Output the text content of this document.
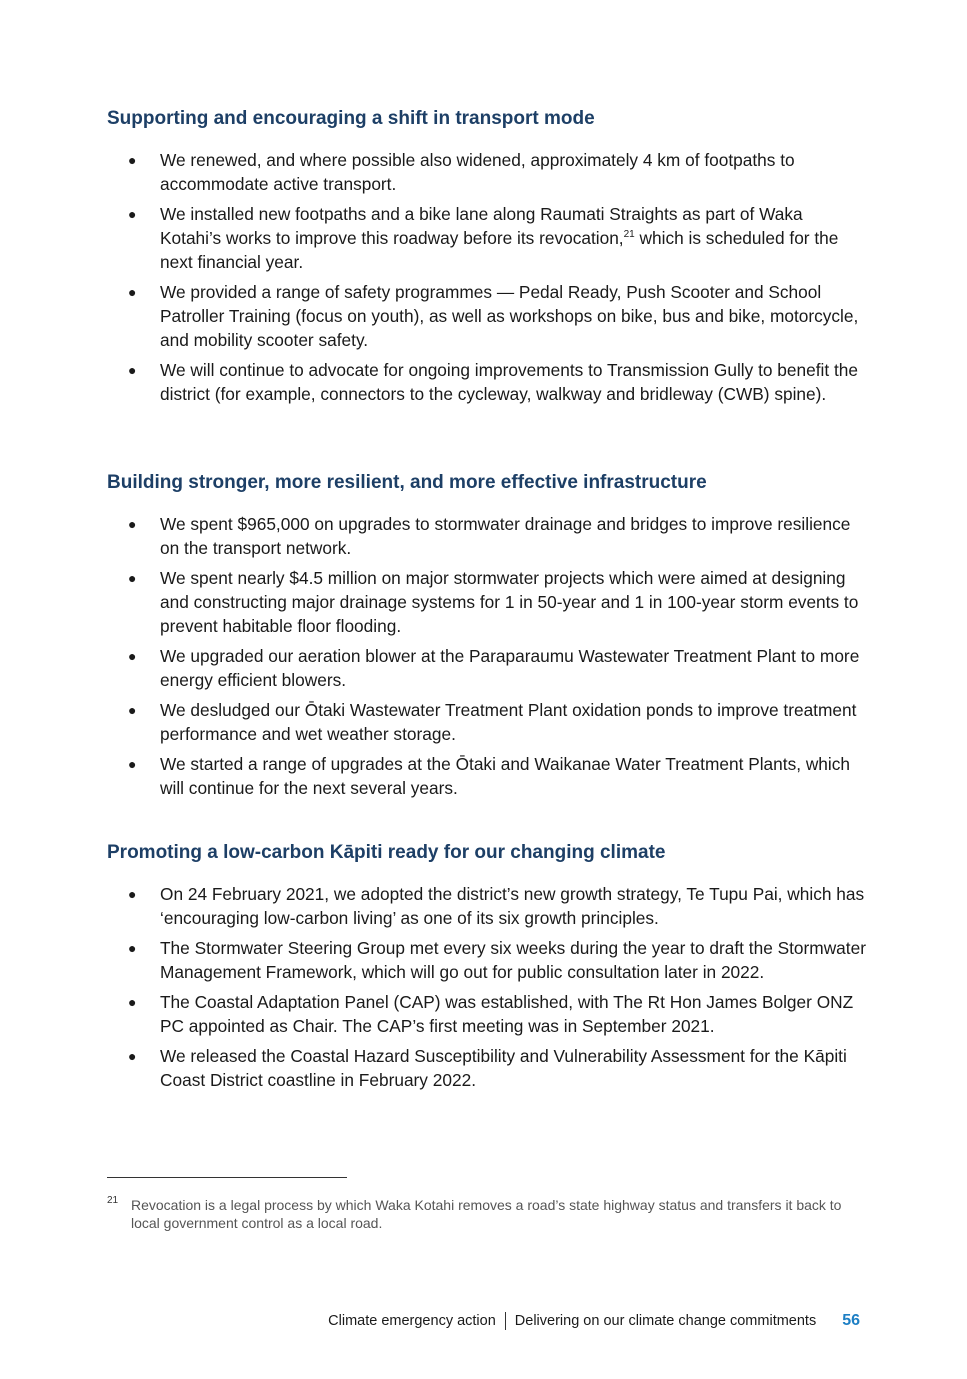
Supporting and encouraging a shift in transport mode
● We renewed, and where possible also widened, approximately 4 km of footpaths to accommodate active transport.
● We installed new footpaths and a bike lane along Raumati Straights as part of Waka Kotahi’s works to improve this roadway before its revocation,$^{21}$ which is scheduled for the next financial year.
● We provided a range of safety programmes — Pedal Ready, Push Scooter and School Patroller Training (focus on youth), as well as workshops on bike, bus and bike, motorcycle, and mobility scooter safety.
● We will continue to advocate for ongoing improvements to Transmission Gully to benefit the district (for example, connectors to the cycleway, walkway and bridleway (CWB) spine).
Building stronger, more resilient, and more effective infrastructure
● We spent $965,000 on upgrades to stormwater drainage and bridges to improve resilience on the transport network.
● We spent nearly $4.5 million on major stormwater projects which were aimed at designing and constructing major drainage systems for 1 in 50-year and 1 in 100-year storm events to prevent habitable floor flooding.
● We upgraded our aeration blower at the Paraparaumu Wastewater Treatment Plant to more energy efficient blowers.
● We desludged our Ōtaki Wastewater Treatment Plant oxidation ponds to improve treatment performance and wet weather storage.
● We started a range of upgrades at the Ōtaki and Waikanae Water Treatment Plants, which will continue for the next several years.
Promoting a low-carbon Kāpiti ready for our changing climate
● On 24 February 2021, we adopted the district’s new growth strategy, Te Tupu Pai, which has ‘encouraging low-carbon living’ as one of its six growth principles.
● The Stormwater Steering Group met every six weeks during the year to draft the Stormwater Management Framework, which will go out for public consultation later in 2022.
● The Coastal Adaptation Panel (CAP) was established, with The Rt Hon James Bolger ONZ PC appointed as Chair. The CAP’s first meeting was in September 2021.
● We released the Coastal Hazard Susceptibility and Vulnerability Assessment for the Kāpiti Coast District coastline in February 2022.
21 Revocation is a legal process by which Waka Kotahi removes a road’s state highway status and transfers it back to local government control as a local road.
Climate emergency action Delivering on our climate change commitments 56
